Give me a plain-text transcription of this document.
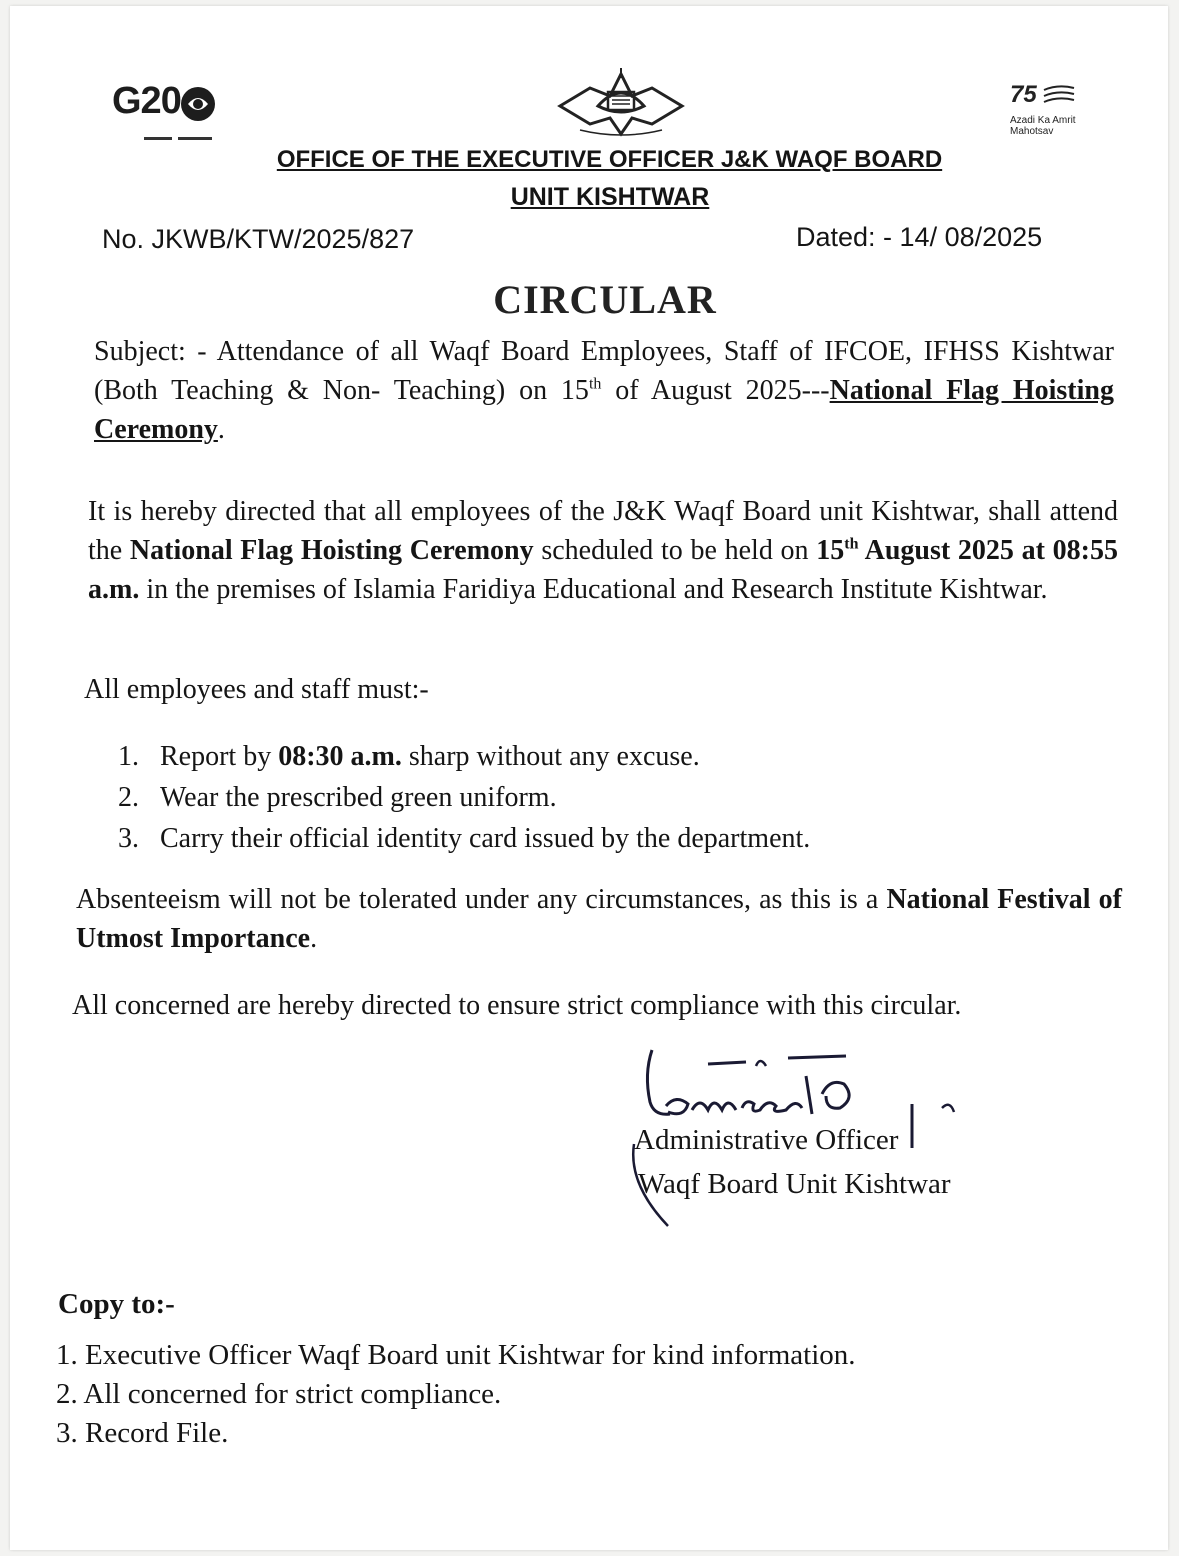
G20	75
Azadi Ka Amrit Mahotsav
OFFICE OF THE EXECUTIVE OFFICER J&K WAQF BOARD
UNIT KISHTWAR
No. JKWB/KTW/2025/827	Dated: - 14/ 08/2025
CIRCULAR
Subject: - Attendance of all Waqf Board Employees, Staff of IFCOE, IFHSS Kishtwar (Both Teaching & Non- Teaching) on 15th of August 2025---National Flag Hoisting Ceremony.
It is hereby directed that all employees of the J&K Waqf Board unit Kishtwar, shall attend the National Flag Hoisting Ceremony scheduled to be held on 15th August 2025 at 08:55 a.m. in the premises of Islamia Faridiya Educational and Research Institute Kishtwar.
All employees and staff must:-
1. Report by 08:30 a.m. sharp without any excuse.
2. Wear the prescribed green uniform.
3. Carry their official identity card issued by the department.
Absenteeism will not be tolerated under any circumstances, as this is a National Festival of Utmost Importance.
All concerned are hereby directed to ensure strict compliance with this circular.
Administrative Officer
Waqf Board Unit Kishtwar
Copy to:-
1. Executive Officer Waqf Board unit Kishtwar for kind information.
2. All concerned for strict compliance.
3. Record File.
